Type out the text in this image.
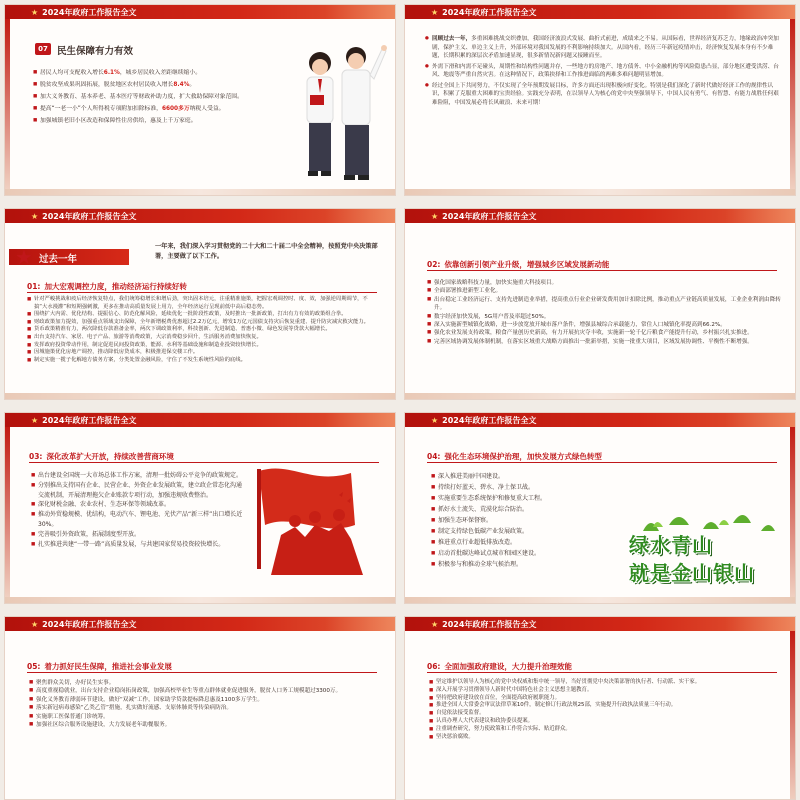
★ 2024年政府工作报告全文
07 民生保障有力有效
■ 居民人均可支配收入增长6.1%，城乡居民收入差距继续缩小。
■ 脱贫攻坚成果巩固拓展，脱贫地区农村居民收入增长8.4%。
■ 加大义务教育、基本养老、基本医疗等财政补助力度，扩大救助保障对象范围。
■ 提高“一老一小”个人所得税专项附加扣除标准，6600多万纳税人受益。
■ 加强城镇老旧小区改造和保障性住房供给，惠及上千万家庭。
★ 2024年政府工作报告全文
● 回顾过去一年，多重困难挑战交织叠加，我国经济波浪式发展、曲折式前进，成绩来之不易。从国际看，世界经济复苏乏力，地缘政治冲突加剧，保护主义、单边主义上升，外部环境对我国发展的不利影响持续加大。从国内看，经历三年新冠疫情冲击，经济恢复发展本身有不少难题，长期积累的深层次矛盾加速显现，很多新情况新问题又接踵而至。
● 外需下滑和内需不足碰头，周期性和结构性问题并存，一些地方的房地产、地方债务、中小金融机构等风险隐患凸显，部分地区遭受洪涝、台风、地震等严重自然灾害。在这种情况下，政策抉择和工作推进面临的两难多难问题明显增加。
● 经过全国上下共同努力，不仅实现了全年预期发展目标，许多方面还出现积极向好变化。特别是我们深化了新时代做好经济工作的规律性认识，积累了克服重大困难的宝贵经验。实践充分表明，在以领导人为核心的党中央坚强领导下，中国人民有勇气、有智慧、有能力战胜任何艰难险阻，中国发展必将长风破浪、未来可期！
★ 2024年政府工作报告全文
★ 过去一年
一年来，我们深入学习贯彻党的二十大和二十届二中全会精神，按照党中央决策部署，主要做了以下工作。
01: 加大宏观调控力度，推动经济运行持续好转
■ 针对严峻挑战和疫后经济恢复特点，我们统筹稳增长和增后劲，突出固本培元，注重精准施策，把握宏观调控时、度、效，加强逆周期调节，不搞“大水漫灌”和短期强刺激，更多在推动高质量发展上用力，全年经济运行呈现前低中高后稳态势。
■ 围绕扩大内需、优化结构、提振信心、防范化解风险，延续优化一批阶段性政策，及时推出一批新政策，打出有力有效的政策组合拳。
■ 财政政策加力提效，加强重点领域支出保障，全年新增税费优惠超过2.2万亿元，增发1万亿元国债支持灾后恢复重建、提升防灾减灾救灾能力。
■ 货币政策精准有力，两次降低存款准备金率，两次下调政策利率，科技创新、先进制造、普惠小微、绿色发展等贷款大幅增长。
■ 出台支持汽车、家居、电子产品、旅游等消费政策，大宗消费稳步回升，生活服务消费加快恢复。
■ 发挥政府投资带动作用，制定促进民间投资政策，能源、水利等基础设施和制造业投资较快增长。
■ 因城施策优化房地产调控，推动降低房贷成本，积极推进保交楼工作。
■ 制定实施一揽子化解地方债务方案，分类处置金融风险，守住了不发生系统性风险的底线。
★ 2024年政府工作报告全文
02: 依靠创新引领产业升级，增强城乡区域发展新动能
■ 强化国家战略科技力量，加快实施重大科技项目。
■ 全面部署推进新型工业化。
■ 出台稳定工业经济运行、支持先进制造业举措，提高重点行业企业研发费用加计扣除比例，推动重点产业链高质量发展，工业企业利润由降转升。
■ 数字经济加快发展，5G用户普及率超过50%。
■ 深入实施新型城镇化战略，进一步放宽放开城市落户条件，增强县城综合承载能力，常住人口城镇化率提高到66.2%。
■ 强化农业发展支持政策，粮食产量创历史新高，有力开展抗灾夺丰收，实施新一轮千亿斤粮食产能提升行动，乡村振兴扎实推进。
■ 完善区域协调发展体制机制，在落实区域重大战略方面推出一批新举措，实施一批重大项目，区域发展协调性、平衡性不断增强。
★ 2024年政府工作报告全文
03: 深化改革扩大开放，持续改善营商环境
■ 出台建设全国统一大市场总体工作方案，清理一批妨碍公平竞争的政策规定。
■ 分别推出支持国有企业、民营企业、外资企业发展政策，建立政企常态化沟通交流机制，开展清理拖欠企业账款专项行动，加强违规收费整治。
■ 深化财税金融、农业农村、生态环保等领域改革。
■ 推动外贸稳规模、优结构，电动汽车、锂电池、光伏产品“新三样”出口增长近30%。
■ 完善吸引外资政策，拓展制度型开放。
■ 扎实推进共建“一带一路”高质量发展，与共建国家贸易投资较快增长。
★ 2024年政府工作报告全文
04: 强化生态环境保护治理，加快发展方式绿色转型
■ 深入推进美丽中国建设。
■ 持续打好蓝天、碧水、净土保卫战。
■ 实施重要生态系统保护和修复重大工程。
■ 抓好水土流失、荒漠化综合防治。
■ 加强生态环保督察。
■ 制定支持绿色低碳产业发展政策。
■ 推进重点行业超低排放改造。
■ 启动首批碳达峰试点城市和园区建设。
■ 积极参与和推动全球气候治理。
绿水青山
就是金山银山
★ 2024年政府工作报告全文
05: 着力抓好民生保障，推进社会事业发展
■ 聚焦群众关切，办好民生实事。
■ 高度重视稳就业，出台支持企业稳岗拓岗政策，加强高校毕业生等重点群体就业促进服务，脱贫人口务工规模超过3300万。
■ 强化义务教育薄弱环节建设，做好“双减”工作，国家助学贷款提标降息惠及1100多万学生。
■ 落实新冠病毒感染“乙类乙管”措施，扎实做好流感、支原体肺炎等传染病防治。
■ 实施职工医保普通门诊统筹。
■ 加强社区综合服务设施建设，大力发展老年助餐服务。
★ 2024年政府工作报告全文
06: 全面加强政府建设，大力提升治理效能
■ 坚定维护以领导人为核心的党中央权威和集中统一领导，当好贯彻党中央决策部署的执行者、行动派、实干家。
■ 深入开展学习贯彻领导人新时代中国特色社会主义思想主题教育。
■ 坚持把政府建设放在首位，全面提高政府履职能力。
■ 推进全国人大常委会审议法律草案10件，制定修订行政法规25部，实施提升行政执法质量三年行动。
■ 自觉依法接受监督。
■ 认真办理人大代表建议和政协委员提案。
■ 注重调查研究，努力使政策和工作符合实际、贴近群众。
■ 坚决惩治腐败。
